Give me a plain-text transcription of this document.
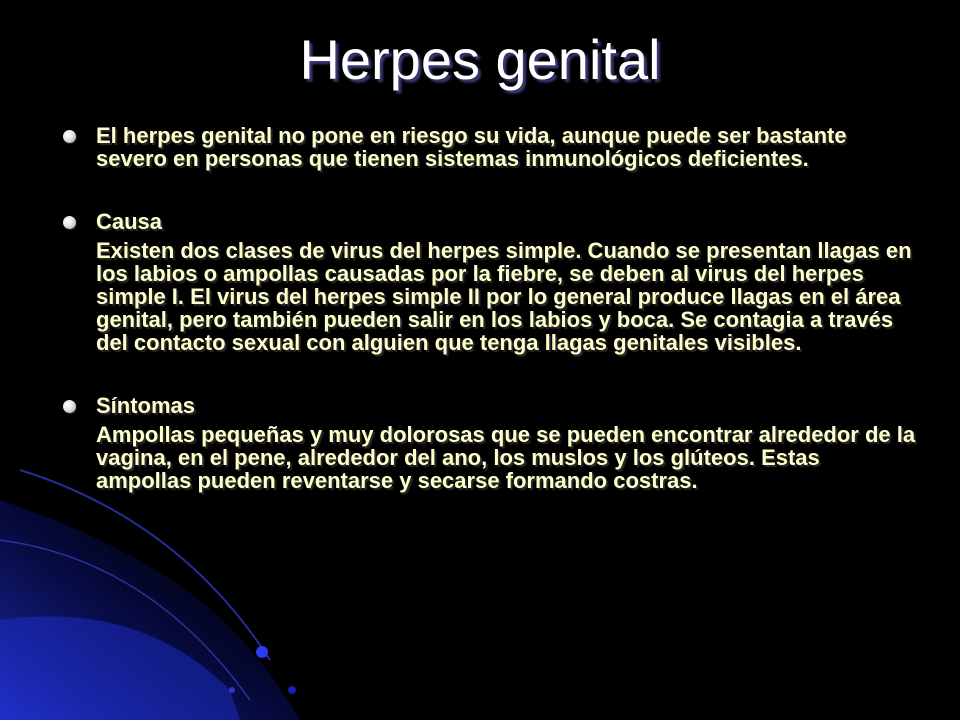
Herpes genital
El herpes genital no pone en riesgo su vida, aunque puede ser bastante severo en personas que tienen sistemas inmunológicos deficientes.
Causa
Existen dos clases de virus del herpes simple. Cuando se presentan llagas en los labios o ampollas causadas por la fiebre, se deben al virus del herpes simple I. El virus del herpes simple II por lo general produce llagas en el área genital, pero también pueden salir en los labios y boca. Se contagia a través del contacto sexual con alguien que tenga llagas genitales visibles.
Síntomas
Ampollas pequeñas y muy dolorosas que se pueden encontrar alrededor de la vagina, en el pene, alrededor del ano, los muslos y los glúteos. Estas ampollas pueden reventarse y secarse formando costras.
